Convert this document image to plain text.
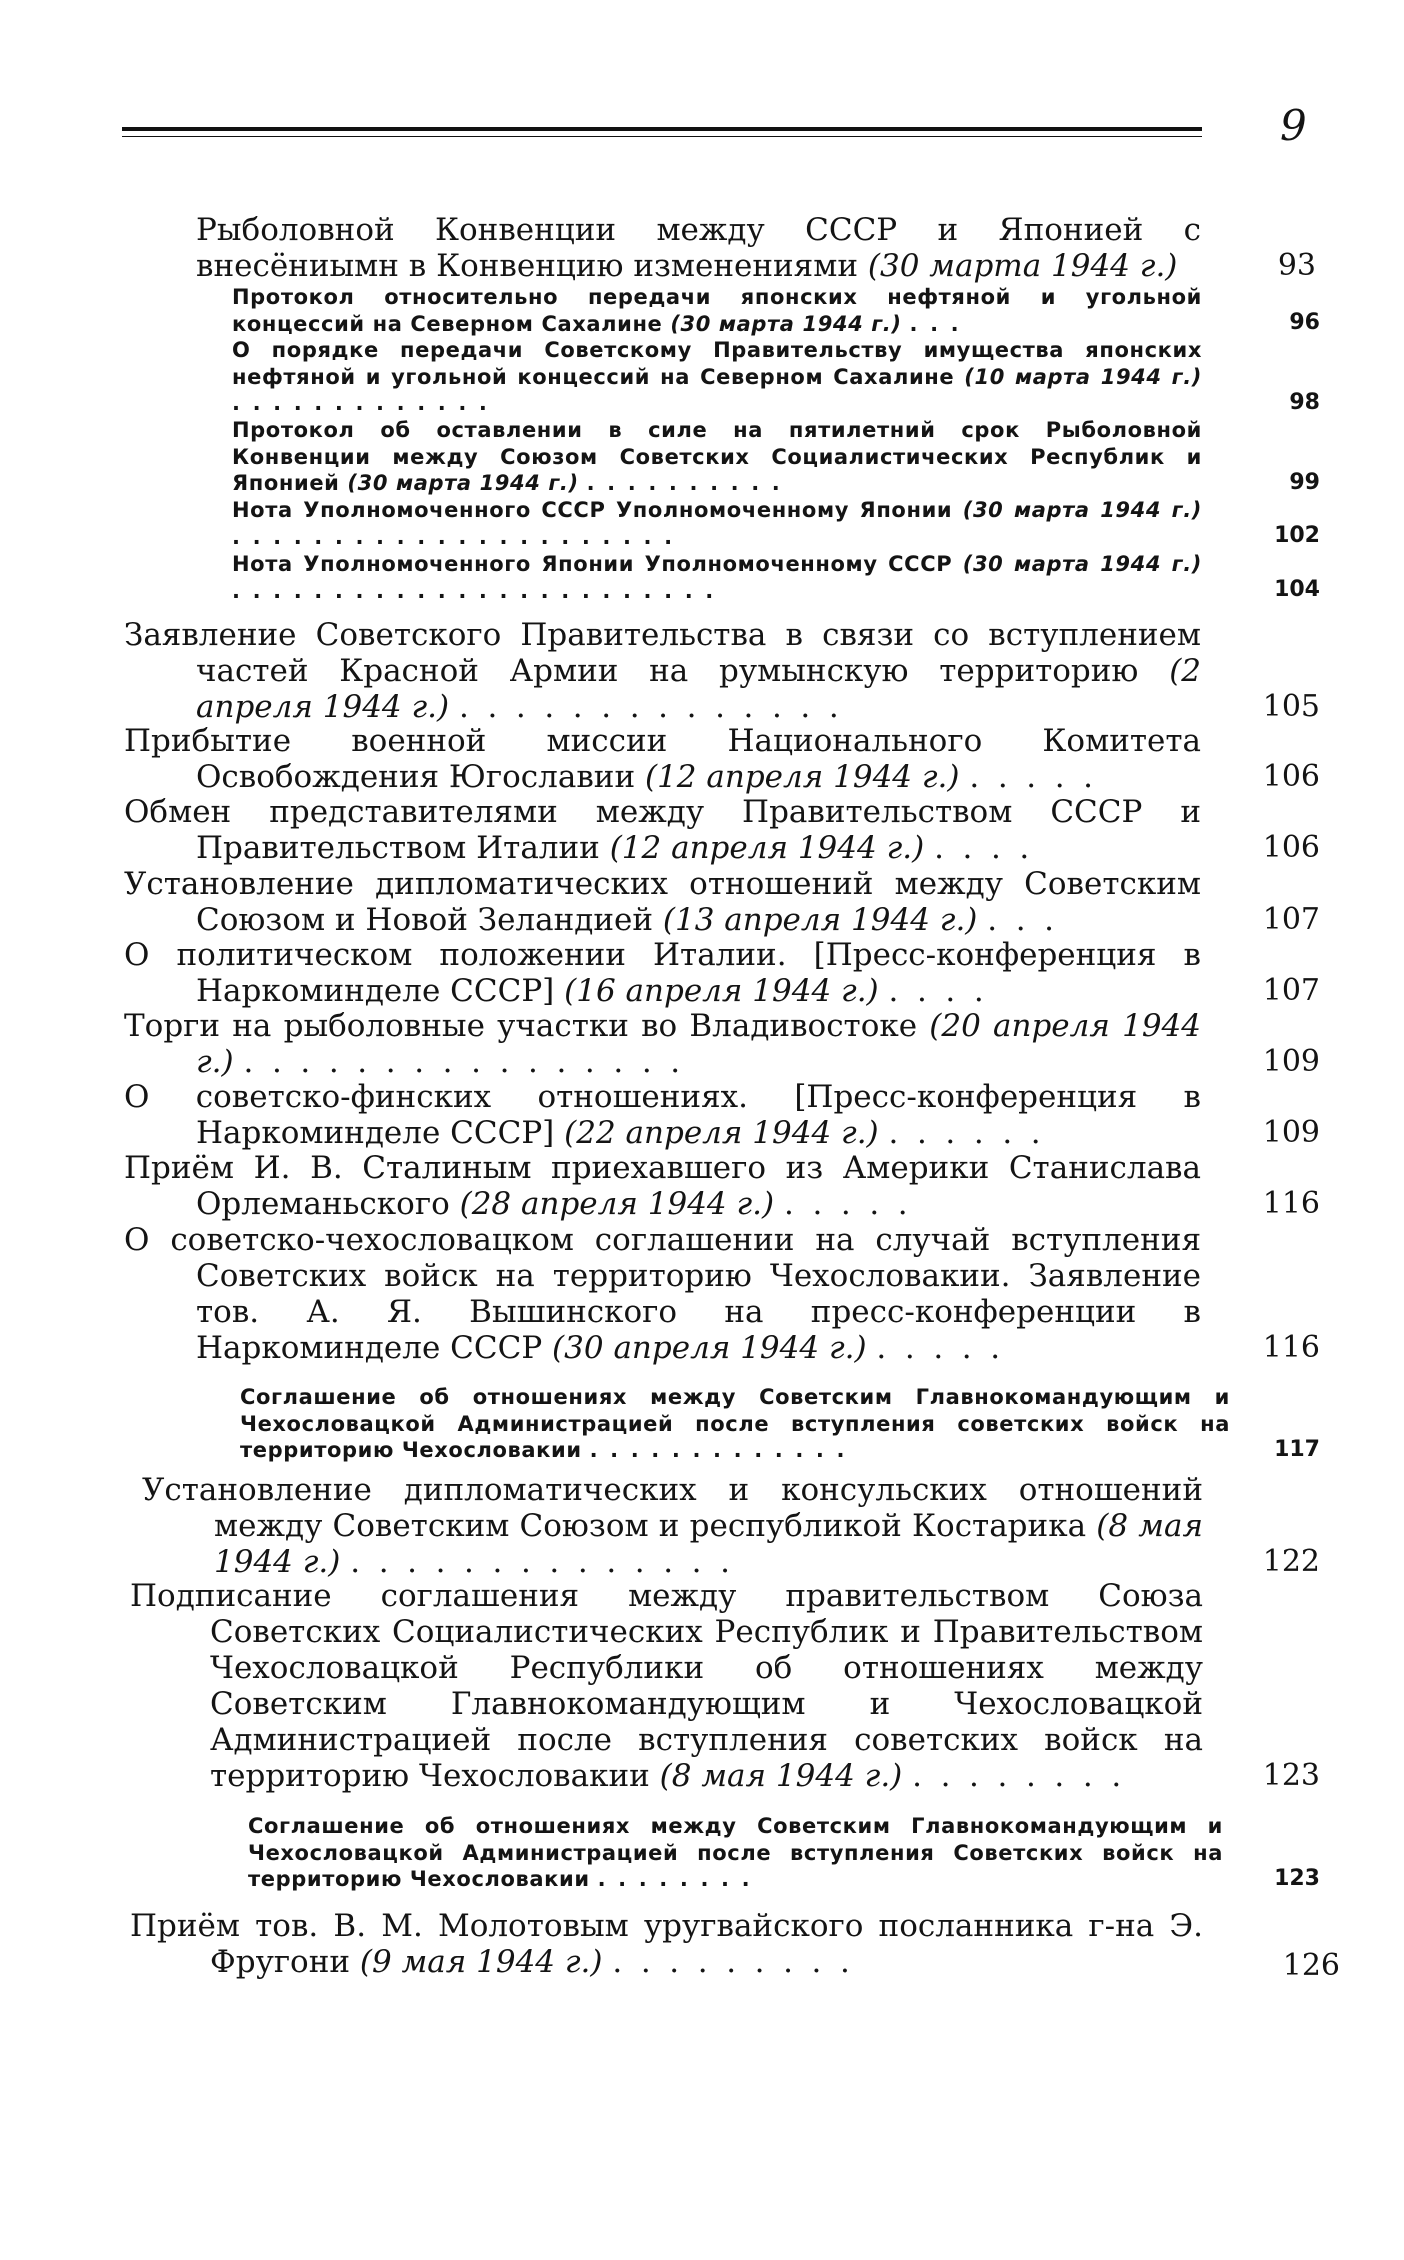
9
Рыболовной Конвенции между СССР и Японией с внесёниымн в Конвенцию изменениями (30 марта 1944 г.)	93
Протокол относительно передачи японских нефтяной и угольной концессий на Северном Сахалине (30 марта 1944 г.) ...	96
О порядке передачи Советскому Правительству имущества японских нефтяной и угольной концессий на Северном Сахалине (10 марта 1944 г.) .............	98
Протокол об оставлении в силе на пятилетний срок Рыболовной Конвенции между Союзом Советских Социалистических Республик и Японией (30 марта 1944 г.) ..........	99
Нота Уполномоченного СССР Уполномоченному Японии (30 марта 1944 г.) ......................	102
Нота Уполномоченного Японии Уполномоченному СССР (30 марта 1944 г.) ........................	104
Заявление Советского Правительства в связи со вступлением частей Красной Армии на румынскую территорию (2 апреля 1944 г.) ..............	105
Прибытие военной миссии Национального Комитета Освобождения Югославии (12 апреля 1944 г.) .....	106
Обмен представителями между Правительством СССР и Правительством Италии (12 апреля 1944 г.) ....	106
Установление дипломатических отношений между Советским Союзом и Новой Зеландией (13 апреля 1944 г.) ...	107
О политическом положении Италии. [Пресс-конференция в Наркоминделе СССР] (16 апреля 1944 г.) ....	107
Торги на рыболовные участки во Владивостоке (20 апреля 1944 г.) ................	109
О советско-финских отношениях. [Пресс-конференция в Наркоминделе СССР] (22 апреля 1944 г.) ......	109
Приём И. В. Сталиным приехавшего из Америки Станислава Орлеманьского (28 апреля 1944 г.) .....	116
О советско-чехословацком соглашении на случай вступления Советских войск на территорию Чехословакии. Заявление тов. А. Я. Вышинского на пресс-конференции в Наркоминделе СССР (30 апреля 1944 г.) .....	116
Соглашение об отношениях между Советским Главнокомандующим и Чехословацкой Администрацией после вступления советских войск на территорию Чехословакии .............	117
Установление дипломатических и консульских отношений между Советским Союзом и республикой Костарика (8 мая 1944 г.) ..............	122
Подписание соглашения между правительством Союза Советских Социалистических Республик и Правительством Чехословацкой Республики об отношениях между Советским Главнокомандующим и Чехословацкой Администрацией после вступления советских войск на территорию Чехословакии (8 мая 1944 г.) ........	123
Соглашение об отношениях между Советским Главнокомандующим и Чехословацкой Администрацией после вступления Советских войск на территорию Чехословакии ........	123
Приём тов. В. М. Молотовым уругвайского посланника г-на Э. Фругони (9 мая 1944 г.) .........	126
